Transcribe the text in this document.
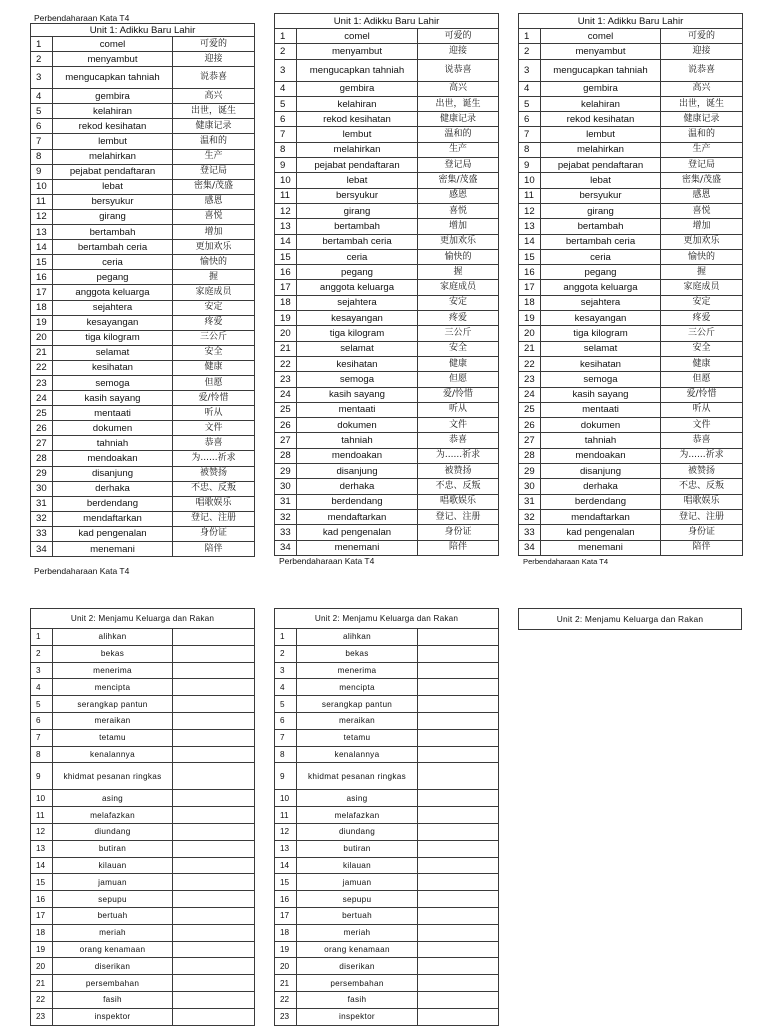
Perbendaharaan Kata T4
Unit 1: Adikku Baru Lahir		
1	comel	可爱的
2	menyambut	迎接
3	mengucapkan tahniah	说恭喜
4	gembira	高兴
5	kelahiran	出世，诞生
6	rekod kesihatan	健康记录
7	lembut	温和的
8	melahirkan	生产
9	pejabat pendaftaran	登记局
10	lebat	密集/茂盛
11	bersyukur	感恩
12	girang	喜悦
13	bertambah	增加
14	bertambah ceria	更加欢乐
15	ceria	愉快的
16	pegang	握
17	anggota keluarga	家庭成员
18	sejahtera	安定
19	kesayangan	疼爱
20	tiga kilogram	三公斤
21	selamat	安全
22	kesihatan	健康
23	semoga	但愿
24	kasih sayang	爱/怜惜
25	mentaati	听从
26	dokumen	文件
27	tahniah	恭喜
28	mendoakan	为......祈求
29	disanjung	被赞扬
30	derhaka	不忠、反叛
31	berdendang	唱歌娱乐
32	mendaftarkan	登记、注册
33	kad pengenalan	身份证
34	menemani	陪伴
Perbendaharaan Kata T4
Unit 1: Adikku Baru Lahir		
1	comel	可爱的
2	menyambut	迎接
3	mengucapkan tahniah	说恭喜
4	gembira	高兴
5	kelahiran	出世，诞生
6	rekod kesihatan	健康记录
7	lembut	温和的
8	melahirkan	生产
9	pejabat pendaftaran	登记局
10	lebat	密集/茂盛
11	bersyukur	感恩
12	girang	喜悦
13	bertambah	增加
14	bertambah ceria	更加欢乐
15	ceria	愉快的
16	pegang	握
17	anggota keluarga	家庭成员
18	sejahtera	安定
19	kesayangan	疼爱
20	tiga kilogram	三公斤
21	selamat	安全
22	kesihatan	健康
23	semoga	但愿
24	kasih sayang	爱/怜惜
25	mentaati	听从
26	dokumen	文件
27	tahniah	恭喜
28	mendoakan	为......祈求
29	disanjung	被赞扬
30	derhaka	不忠、反叛
31	berdendang	唱歌娱乐
32	mendaftarkan	登记、注册
33	kad pengenalan	身份证
34	menemani	陪伴
Perbendaharaan Kata T4
Unit 1: Adikku Baru Lahir		
1	comel	可爱的
2	menyambut	迎接
3	mengucapkan tahniah	说恭喜
4	gembira	高兴
5	kelahiran	出世，诞生
6	rekod kesihatan	健康记录
7	lembut	温和的
8	melahirkan	生产
9	pejabat pendaftaran	登记局
10	lebat	密集/茂盛
11	bersyukur	感恩
12	girang	喜悦
13	bertambah	增加
14	bertambah ceria	更加欢乐
15	ceria	愉快的
16	pegang	握
17	anggota keluarga	家庭成员
18	sejahtera	安定
19	kesayangan	疼爱
20	tiga kilogram	三公斤
21	selamat	安全
22	kesihatan	健康
23	semoga	但愿
24	kasih sayang	爱/怜惜
25	mentaati	听从
26	dokumen	文件
27	tahniah	恭喜
28	mendoakan	为......祈求
29	disanjung	被赞扬
30	derhaka	不忠、反叛
31	berdendang	唱歌娱乐
32	mendaftarkan	登记、注册
33	kad pengenalan	身份证
34	menemani	陪伴
Perbendaharaan Kata T4
Unit 2: Menjamu Keluarga dan Rakan		
1	alihkan	
2	bekas	
3	menerima	
4	mencipta	
5	serangkap pantun	
6	meraikan	
7	tetamu	
8	kenalannya	
9	khidmat pesanan ringkas	
10	asing	
11	melafazkan	
12	diundang	
13	butiran	
14	kilauan	
15	jamuan	
16	sepupu	
17	bertuah	
18	meriah	
19	orang kenamaan	
20	diserikan	
21	persembahan	
22	fasih	
23	inspektor	
Unit 2: Menjamu Keluarga dan Rakan		
1	alihkan	
2	bekas	
3	menerima	
4	mencipta	
5	serangkap pantun	
6	meraikan	
7	tetamu	
8	kenalannya	
9	khidmat pesanan ringkas	
10	asing	
11	melafazkan	
12	diundang	
13	butiran	
14	kilauan	
15	jamuan	
16	sepupu	
17	bertuah	
18	meriah	
19	orang kenamaan	
20	diserikan	
21	persembahan	
22	fasih	
23	inspektor	
Unit 2: Menjamu Keluarga dan Rakan
